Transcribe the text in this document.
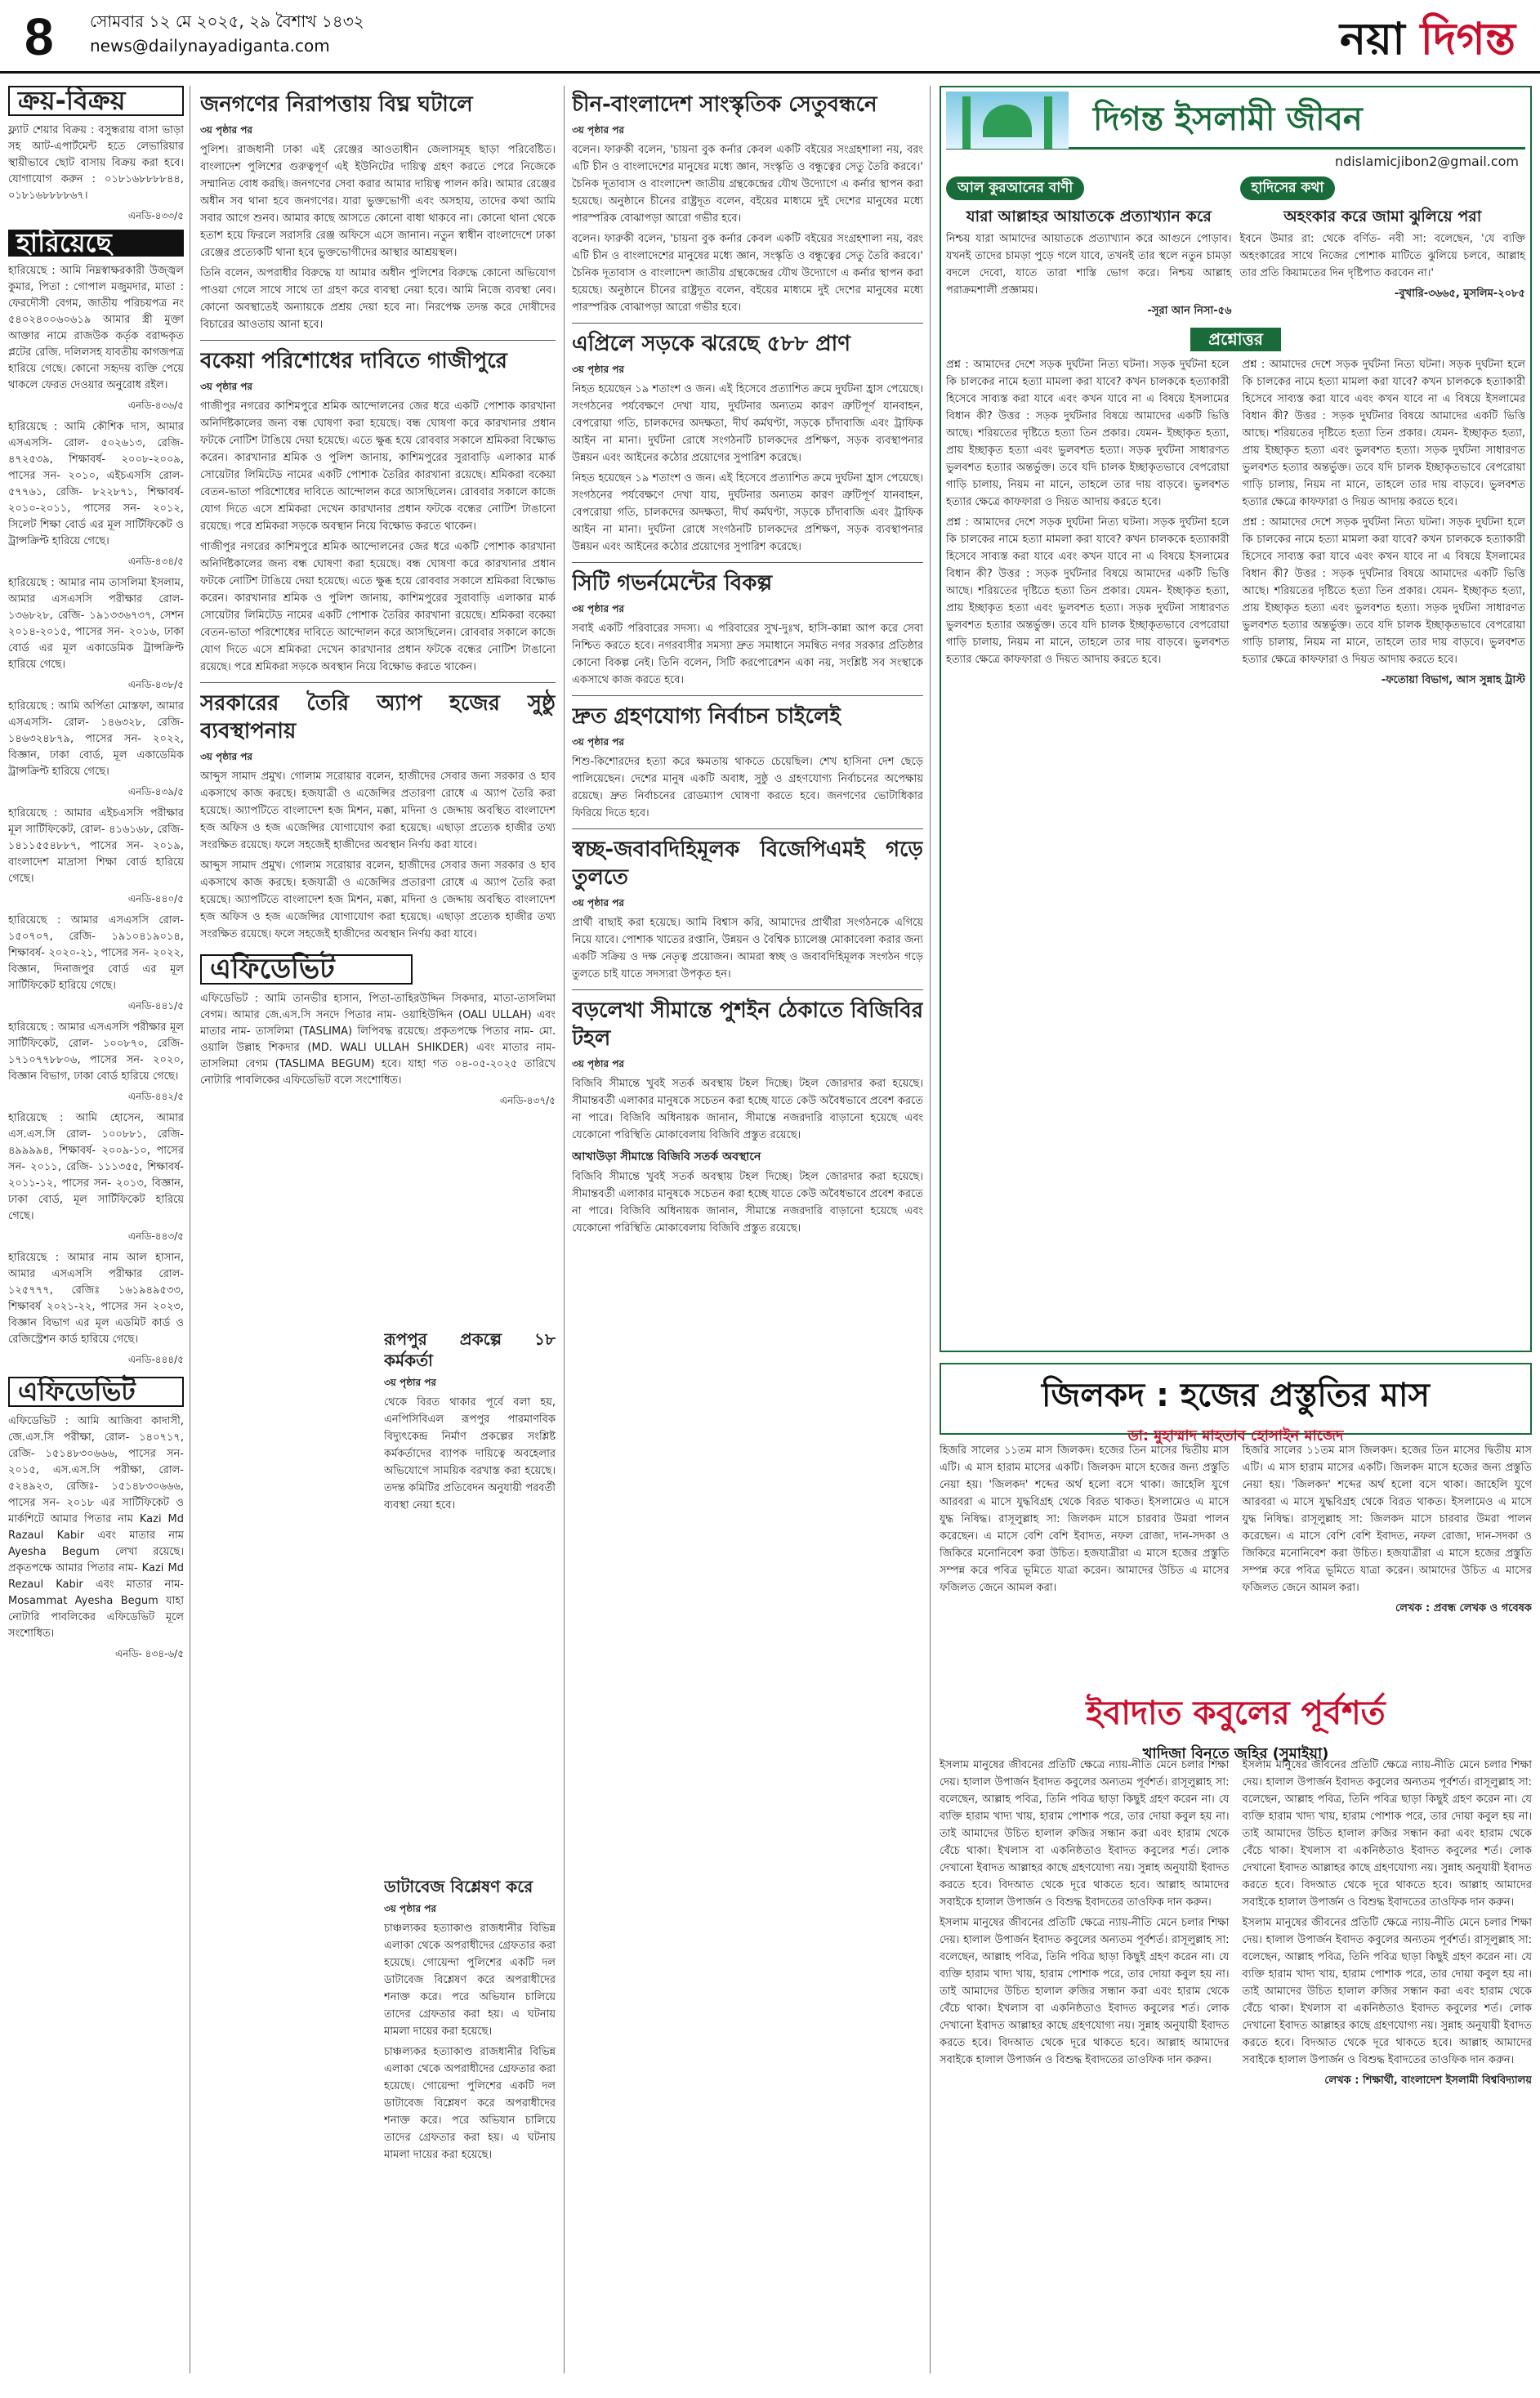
8 সোমবার ১২ মে ২০২৫, ২৯ বৈশাখ ১৪৩২
news@dailynayadiganta.com	নয়া দিগন্ত
ক্রয়-বিক্রয়
ফ্ল্যাট শেয়ার বিক্রয় : বসুন্ধরায় বাসা ভাড়া সহ আট-এপার্টমেন্ট হতে লেভারিয়ার স্থায়ীভাবে ছোট বাসায় বিক্রয় করা হবে। যোগাযোগ করুন : ০১৮১৬৮৮৮৮৪৪, ০১৮১৬৮৮৮৮৬৭।
এনডি-৪৩৩/৫
হারিয়েছে
হারিয়েছে : আমি নিম্নস্বাক্ষরকারী উজ্জ্বল কুমার, পিতা : গোপাল মজুমদার, মাতা : ফেরদৌসী বেগম, জাতীয় পরিচয়পত্র নং ৫৪০২৪০০৬০৬১৯ আমার স্ত্রী মুক্তা আক্তার নামে রাজউক কর্তৃক বরাদ্দকৃত প্লটের রেজি. দলিলসহ যাবতীয় কাগজপত্র হারিয়ে গেছে। কোনো সহৃদয় ব্যক্তি পেয়ে থাকলে ফেরত দেওয়ার অনুরোধ রইল।
এনডি-৪৩৬/৫
হারিয়েছে : আমি কৌশিক দাস, আমার এসএসসি- রোল- ৫০২৬১৩, রেজি- ৪৭২৫৩৯, শিক্ষাবর্ষ- ২০০৮-২০০৯, পাসের সন- ২০১০, এইচএসসি রোল- ৫৭৭৬১, রেজি- ৮২২৮৭১, শিক্ষাবর্ষ- ২০১০-২০১১, পাসের সন- ২০১২, সিলেট শিক্ষা বোর্ড এর মূল সার্টিফিকেট ও ট্রান্সক্রিপ্ট হারিয়ে গেছে।
এনডি-৪৩৪/৫
হারিয়েছে : আমার নাম তাসলিমা ইসলাম, আমার এসএসসি পরীক্ষার রোল- ১৩৬৮২৮, রেজি- ১৯১৩৩৬৭৩৭, সেশন ২০১৪-২০১৫, পাসের সন- ২০১৬, ঢাকা বোর্ড এর মূল একাডেমিক ট্রান্সক্রিপ্ট হারিয়ে গেছে।
এনডি-৪৩৮/৫
হারিয়েছে : আমি অর্পিতা মোস্তফা, আমার এসএসসি- রোল- ১৪৬৩২৮, রেজি- ১৪৬৩২৪৮৭৯, পাসের সন- ২০২২, বিজ্ঞান, ঢাকা বোর্ড, মূল একাডেমিক ট্রান্সক্রিপ্ট হারিয়ে গেছে।
এনডি-৪৩৯/৫
হারিয়েছে : আমার এইচএসসি পরীক্ষার মূল সার্টিফিকেট, রোল- ৪১৬১৬৮, রেজি- ১৪১১৫৫৪৮৮৭, পাসের সন- ২০১৯, বাংলাদেশ মাদ্রাসা শিক্ষা বোর্ড হারিয়ে গেছে।
এনডি-৪৪০/৫
হারিয়েছে : আমার এসএসসি রোল- ১৫০৭০৭, রেজি- ১৯১০৪১৯০১৪, শিক্ষাবর্ষ- ২০২০-২১, পাসের সন- ২০২২, বিজ্ঞান, দিনাজপুর বোর্ড এর মূল সার্টিফিকেট হারিয়ে গেছে।
এনডি-৪৪১/৫
হারিয়েছে : আমার এসএসসি পরীক্ষার মূল সার্টিফিকেট, রোল- ১০০৮৭০, রেজি- ১৭১০৭৭৮৮০৬, পাসের সন- ২০২০, বিজ্ঞান বিভাগ, ঢাকা বোর্ড হারিয়ে গেছে।
এনডি-৪৪২/৫
হারিয়েছে : আমি হোসেন, আমার এস.এস.সি রোল- ১০০৮৮১, রেজি- ৪৯৯৯৯৪, শিক্ষাবর্ষ- ২০০৯-১০, পাসের সন- ২০১১, রেজি- ১১১৩৫৫, শিক্ষাবর্ষ- ২০১১-১২, পাসের সন- ২০১৩, বিজ্ঞান, ঢাকা বোর্ড, মূল সার্টিফিকেট হারিয়ে গেছে।
এনডি-৪৪৩/৫
হারিয়েছে : আমার নাম আল হাসান, আমার এসএসসি পরীক্ষার রোল- ১২৫৭৭৭, রেজিঃ ১৬১৯৪৯৫৩৩, শিক্ষাবর্ষ ২০২১-২২, পাসের সন ২০২৩, বিজ্ঞান বিভাগ এর মূল এডমিট কার্ড ও রেজিস্ট্রেশন কার্ড হারিয়ে গেছে।
এনডি-৪৪৪/৫
এফিডেভিট
এফিডেভিট : আমি আজিবা কাদাসী, জে.এস.সি পরীক্ষা, রোল- ১৪০৭১৭, রেজি- ১৫১৪৮৩০৬৬৬, পাসের সন- ২০১৫, এস.এস.সি পরীক্ষা, রোল- ৫২৪৯২৩, রেজিঃ- ১৫১৪৮৩০৬৬৬, পাসের সন- ২০১৮ এর সার্টিফিকেট ও মার্কশিটে আমার পিতার নাম Kazi Md Razaul Kabir এবং মাতার নাম Ayesha Begum লেখা রয়েছে। প্রকৃতপক্ষে আমার পিতার নাম- Kazi Md Rezaul Kabir এবং মাতার নাম- Mosammat Ayesha Begum যাহা নোটারি পাবলিকের এফিডেভিট মূলে সংশোধিত।
এনডি- ৪৩৪-৬/৫
জনগণের নিরাপত্তায় বিঘ্ন ঘটালে
৩য় পৃষ্ঠার পর
পুলিশ। রাজধানী ঢাকা এই রেঞ্জের আওতাধীন জেলাসমূহ ছাড়া পরিবেষ্টিত। বাংলাদেশ পুলিশের গুরুত্বপূর্ণ এই ইউনিটের দায়িত্ব গ্রহণ করতে পেরে নিজেকে সম্মানিত বোধ করছি। জনগণের সেবা করার আমার দায়িত্ব পালন করি। আমার রেঞ্জের অধীন সব থানা হবে জনগণের। যারা ভুক্তভোগী এবং অসহায়, তাদের কথা আমি সবার আগে শুনব। আমার কাছে আসতে কোনো বাধা থাকবে না। কোনো থানা থেকে হতাশ হয়ে ফিরলে সরাসরি রেঞ্জ অফিসে এসে জানান। নতুন স্বাধীন বাংলাদেশে ঢাকা রেঞ্জের প্রত্যেকটি থানা হবে ভুক্তভোগীদের আস্থার আশ্রয়স্থল।
তিনি বলেন, অপরাধীর বিরুদ্ধে যা আমার অধীন পুলিশের বিরুদ্ধে কোনো অভিযোগ পাওয়া গেলে সাথে সাথে তা গ্রহণ করে ব্যবস্থা নেয়া হবে। আমি নিজে ব্যবস্থা নেব। কোনো অবস্থাতেই অন্যায়কে প্রশ্রয় দেয়া হবে না। নিরপেক্ষ তদন্ত করে দোষীদের বিচারের আওতায় আনা হবে।
বকেয়া পরিশোধের দাবিতে গাজীপুরে
৩য় পৃষ্ঠার পর
গাজীপুর নগরের কাশিমপুরে শ্রমিক আন্দোলনের জের ধরে একটি পোশাক কারখানা অনির্দিষ্টকালের জন্য বন্ধ ঘোষণা করা হয়েছে। বন্ধ ঘোষণা করে কারখানার প্রধান ফটকে নোটিশ টাঙিয়ে দেয়া হয়েছে। এতে ক্ষুব্ধ হয়ে রোববার সকালে শ্রমিকরা বিক্ষোভ করেন। কারখানার শ্রমিক ও পুলিশ জানায়, কাশিমপুরের সুরাবাড়ি এলাকার মার্ক সোয়েটার লিমিটেড নামের একটি পোশাক তৈরির কারখানা রয়েছে। শ্রমিকরা বকেয়া বেতন-ভাতা পরিশোধের দাবিতে আন্দোলন করে আসছিলেন। রোববার সকালে কাজে যোগ দিতে এসে শ্রমিকরা দেখেন কারখানার প্রধান ফটকে বন্ধের নোটিশ টাঙানো রয়েছে। পরে শ্রমিকরা সড়কে অবস্থান নিয়ে বিক্ষোভ করতে থাকেন।
গাজীপুর নগরের কাশিমপুরে শ্রমিক আন্দোলনের জের ধরে একটি পোশাক কারখানা অনির্দিষ্টকালের জন্য বন্ধ ঘোষণা করা হয়েছে। বন্ধ ঘোষণা করে কারখানার প্রধান ফটকে নোটিশ টাঙিয়ে দেয়া হয়েছে। এতে ক্ষুব্ধ হয়ে রোববার সকালে শ্রমিকরা বিক্ষোভ করেন। কারখানার শ্রমিক ও পুলিশ জানায়, কাশিমপুরের সুরাবাড়ি এলাকার মার্ক সোয়েটার লিমিটেড নামের একটি পোশাক তৈরির কারখানা রয়েছে। শ্রমিকরা বকেয়া বেতন-ভাতা পরিশোধের দাবিতে আন্দোলন করে আসছিলেন। রোববার সকালে কাজে যোগ দিতে এসে শ্রমিকরা দেখেন কারখানার প্রধান ফটকে বন্ধের নোটিশ টাঙানো রয়েছে। পরে শ্রমিকরা সড়কে অবস্থান নিয়ে বিক্ষোভ করতে থাকেন।
সরকারের তৈরি অ্যাপ হজের সুষ্ঠু ব্যবস্থাপনায়
৩য় পৃষ্ঠার পর
আব্দুস সামাদ প্রমুখ। গোলাম সরোয়ার বলেন, হাজীদের সেবার জন্য সরকার ও হাব একসাথে কাজ করছে। হজযাত্রী ও এজেন্সির প্রতারণা রোধে এ অ্যাপ তৈরি করা হয়েছে। অ্যাপটিতে বাংলাদেশ হজ মিশন, মক্কা, মদিনা ও জেদ্দায় অবস্থিত বাংলাদেশ হজ অফিস ও হজ এজেন্সির যোগাযোগ করা হয়েছে। এছাড়া প্রত্যেক হাজীর তথ্য সংরক্ষিত রয়েছে। ফলে সহজেই হাজীদের অবস্থান নির্ণয় করা যাবে।
আব্দুস সামাদ প্রমুখ। গোলাম সরোয়ার বলেন, হাজীদের সেবার জন্য সরকার ও হাব একসাথে কাজ করছে। হজযাত্রী ও এজেন্সির প্রতারণা রোধে এ অ্যাপ তৈরি করা হয়েছে। অ্যাপটিতে বাংলাদেশ হজ মিশন, মক্কা, মদিনা ও জেদ্দায় অবস্থিত বাংলাদেশ হজ অফিস ও হজ এজেন্সির যোগাযোগ করা হয়েছে। এছাড়া প্রত্যেক হাজীর তথ্য সংরক্ষিত রয়েছে। ফলে সহজেই হাজীদের অবস্থান নির্ণয় করা যাবে।
এফিডেভিট
এফিডেভিট : আমি তানভীর হাসান, পিতা-তাহিরউদ্দিন সিকদার, মাতা-তাসলিমা বেগম। আমার জে.এস.সি সনদে পিতার নাম- ওয়াহিউদ্দিন (OALI ULLAH) এবং মাতার নাম- তাসলিমা (TASLIMA) লিপিবদ্ধ রয়েছে। প্রকৃতপক্ষে পিতার নাম- মো. ওয়ালি উল্লাহ শিকদার (MD. WALI ULLAH SHIKDER) এবং মাতার নাম- তাসলিমা বেগম (TASLIMA BEGUM) হবে। যাহা গত ০৪-০৫-২০২৫ তারিখে নোটারি পাবলিকের এফিডেভিট বলে সংশোধিত।
এনডি-৪৩৭/৫
চীন-বাংলাদেশ সাংস্কৃতিক সেতুবন্ধনে
৩য় পৃষ্ঠার পর
বলেন। ফারুকী বলেন, 'চায়না বুক কর্নার কেবল একটি বইয়ের সংগ্রহশালা নয়, বরং এটি চীন ও বাংলাদেশের মানুষের মধ্যে জ্ঞান, সংস্কৃতি ও বন্ধুত্বের সেতু তৈরি করবে।' চৈনিক দূতাবাস ও বাংলাদেশ জাতীয় গ্রন্থকেন্দ্রের যৌথ উদ্যোগে এ কর্নার স্থাপন করা হয়েছে। অনুষ্ঠানে চীনের রাষ্ট্রদূত বলেন, বইয়ের মাধ্যমে দুই দেশের মানুষের মধ্যে পারস্পরিক বোঝাপড়া আরো গভীর হবে।
বলেন। ফারুকী বলেন, 'চায়না বুক কর্নার কেবল একটি বইয়ের সংগ্রহশালা নয়, বরং এটি চীন ও বাংলাদেশের মানুষের মধ্যে জ্ঞান, সংস্কৃতি ও বন্ধুত্বের সেতু তৈরি করবে।' চৈনিক দূতাবাস ও বাংলাদেশ জাতীয় গ্রন্থকেন্দ্রের যৌথ উদ্যোগে এ কর্নার স্থাপন করা হয়েছে। অনুষ্ঠানে চীনের রাষ্ট্রদূত বলেন, বইয়ের মাধ্যমে দুই দেশের মানুষের মধ্যে পারস্পরিক বোঝাপড়া আরো গভীর হবে।
এপ্রিলে সড়কে ঝরেছে ৫৮৮ প্রাণ
৩য় পৃষ্ঠার পর
নিহত হয়েছেন ১৯ শতাংশ ও জন। এই হিসেবে প্রত্যাশিত ক্রমে দুর্ঘটনা হ্রাস পেয়েছে। সংগঠনের পর্যবেক্ষণে দেখা যায়, দুর্ঘটনার অন্যতম কারণ ত্রুটিপূর্ণ যানবাহন, বেপরোয়া গতি, চালকদের অদক্ষতা, দীর্ঘ কর্মঘণ্টা, সড়কে চাঁদাবাজি এবং ট্রাফিক আইন না মানা। দুর্ঘটনা রোধে সংগঠনটি চালকদের প্রশিক্ষণ, সড়ক ব্যবস্থাপনার উন্নয়ন এবং আইনের কঠোর প্রয়োগের সুপারিশ করেছে।
নিহত হয়েছেন ১৯ শতাংশ ও জন। এই হিসেবে প্রত্যাশিত ক্রমে দুর্ঘটনা হ্রাস পেয়েছে। সংগঠনের পর্যবেক্ষণে দেখা যায়, দুর্ঘটনার অন্যতম কারণ ত্রুটিপূর্ণ যানবাহন, বেপরোয়া গতি, চালকদের অদক্ষতা, দীর্ঘ কর্মঘণ্টা, সড়কে চাঁদাবাজি এবং ট্রাফিক আইন না মানা। দুর্ঘটনা রোধে সংগঠনটি চালকদের প্রশিক্ষণ, সড়ক ব্যবস্থাপনার উন্নয়ন এবং আইনের কঠোর প্রয়োগের সুপারিশ করেছে।
সিটি গভর্নমেন্টের বিকল্প
৩য় পৃষ্ঠার পর
সবাই একটি পরিবারের সদস্য। এ পরিবারের সুখ-দুঃখ, হাসি-কান্না আপ করে সেবা নিশ্চিত করতে হবে। নগরবাসীর সমস্যা দ্রুত সমাধানে সমন্বিত নগর সরকার প্রতিষ্ঠার কোনো বিকল্প নেই। তিনি বলেন, সিটি করপোরেশন একা নয়, সংশ্লিষ্ট সব সংস্থাকে একসাথে কাজ করতে হবে।
দ্রুত গ্রহণযোগ্য নির্বাচন চাইলেই
৩য় পৃষ্ঠার পর
শিশু-কিশোরদের হত্যা করে ক্ষমতায় থাকতে চেয়েছিল। শেখ হাসিনা দেশ ছেড়ে পালিয়েছেন। দেশের মানুষ একটি অবাধ, সুষ্ঠু ও গ্রহণযোগ্য নির্বাচনের অপেক্ষায় রয়েছে। দ্রুত নির্বাচনের রোডম্যাপ ঘোষণা করতে হবে। জনগণের ভোটাধিকার ফিরিয়ে দিতে হবে।
স্বচ্ছ-জবাবদিহিমূলক বিজেপিএমই গড়ে তুলতে
৩য় পৃষ্ঠার পর
প্রার্থী বাছাই করা হয়েছে। আমি বিশ্বাস করি, আমাদের প্রার্থীরা সংগঠনকে এগিয়ে নিয়ে যাবে। পোশাক খাতের রপ্তানি, উন্নয়ন ও বৈশ্বিক চ্যালেঞ্জ মোকাবেলা করার জন্য একটি সক্রিয় ও দক্ষ নেতৃত্ব প্রয়োজন। আমরা স্বচ্ছ ও জবাবদিহিমূলক সংগঠন গড়ে তুলতে চাই যাতে সদস্যরা উপকৃত হন।
বড়লেখা সীমান্তে পুশইন ঠেকাতে বিজিবির টহল
৩য় পৃষ্ঠার পর
বিজিবি সীমান্তে খুবই সতর্ক অবস্থায় টহল দিচ্ছে। টহল জোরদার করা হয়েছে। সীমান্তবর্তী এলাকার মানুষকে সচেতন করা হচ্ছে যাতে কেউ অবৈধভাবে প্রবেশ করতে না পারে। বিজিবি অধিনায়ক জানান, সীমান্তে নজরদারি বাড়ানো হয়েছে এবং যেকোনো পরিস্থিতি মোকাবেলায় বিজিবি প্রস্তুত রয়েছে।
আখাউড়া সীমান্তে বিজিবি সতর্ক অবস্থানে
বিজিবি সীমান্তে খুবই সতর্ক অবস্থায় টহল দিচ্ছে। টহল জোরদার করা হয়েছে। সীমান্তবর্তী এলাকার মানুষকে সচেতন করা হচ্ছে যাতে কেউ অবৈধভাবে প্রবেশ করতে না পারে। বিজিবি অধিনায়ক জানান, সীমান্তে নজরদারি বাড়ানো হয়েছে এবং যেকোনো পরিস্থিতি মোকাবেলায় বিজিবি প্রস্তুত রয়েছে।
রূপপুর প্রকল্পে ১৮ কর্মকর্তা
৩য় পৃষ্ঠার পর
থেকে বিরত থাকার পূর্বে বলা হয়, এনপিসিবিএল রূপপুর পারমাণবিক বিদ্যুৎকেন্দ্র নির্মাণ প্রকল্পের সংশ্লিষ্ট কর্মকর্তাদের ব্যাপক দায়িত্বে অবহেলার অভিযোগে সাময়িক বরখাস্ত করা হয়েছে। তদন্ত কমিটির প্রতিবেদন অনুযায়ী পরবর্তী ব্যবস্থা নেয়া হবে।
ডাটাবেজ বিশ্লেষণ করে
৩য় পৃষ্ঠার পর
চাঞ্চল্যকর হত্যাকাণ্ড রাজধানীর বিভিন্ন এলাকা থেকে অপরাধীদের গ্রেফতার করা হয়েছে। গোয়েন্দা পুলিশের একটি দল ডাটাবেজ বিশ্লেষণ করে অপরাধীদের শনাক্ত করে। পরে অভিযান চালিয়ে তাদের গ্রেফতার করা হয়। এ ঘটনায় মামলা দায়ের করা হয়েছে।
চাঞ্চল্যকর হত্যাকাণ্ড রাজধানীর বিভিন্ন এলাকা থেকে অপরাধীদের গ্রেফতার করা হয়েছে। গোয়েন্দা পুলিশের একটি দল ডাটাবেজ বিশ্লেষণ করে অপরাধীদের শনাক্ত করে। পরে অভিযান চালিয়ে তাদের গ্রেফতার করা হয়। এ ঘটনায় মামলা দায়ের করা হয়েছে।
দিগন্ত ইসলামী জীবন
ndislamicjibon2@gmail.com
আল কুরআনের বাণী
যারা আল্লাহর আয়াতকে প্রত্যাখ্যান করে
নিশ্চয় যারা আমাদের আয়াতকে প্রত্যাখ্যান করে আগুনে পোড়াব। যখনই তাদের চামড়া পুড়ে গলে যাবে, তখনই তার স্থলে নতুন চামড়া বদলে দেবো, যাতে তারা শাস্তি ভোগ করে। নিশ্চয় আল্লাহ পরাক্রমশালী প্রজ্ঞাময়।
-সূরা আন নিসা-৫৬
হাদিসের কথা
অহংকার করে জামা ঝুলিয়ে পরা
ইবনে উমার রা: থেকে বর্ণিত- নবী সা: বলেছেন, 'যে ব্যক্তি অহংকারের সাথে নিজের পোশাক মাটিতে ঝুলিয়ে চলবে, আল্লাহ তার প্রতি কিয়ামতের দিন দৃষ্টিপাত করবেন না।'
-বুখারি-৩৬৬৫, মুসলিম-২০৮৫
প্রশ্নোত্তর
প্রশ্ন : আমাদের দেশে সড়ক দুর্ঘটনা নিত্য ঘটনা। সড়ক দুর্ঘটনা হলে কি চালকের নামে হত্যা মামলা করা যাবে? কখন চালককে হত্যাকারী হিসেবে সাব্যস্ত করা যাবে এবং কখন যাবে না এ বিষয়ে ইসলামের বিধান কী? উত্তর : সড়ক দুর্ঘটনার বিষয়ে আমাদের একটি ভিত্তি আছে। শরিয়তের দৃষ্টিতে হত্যা তিন প্রকার। যেমন- ইচ্ছাকৃত হত্যা, প্রায় ইচ্ছাকৃত হত্যা এবং ভুলবশত হত্যা। সড়ক দুর্ঘটনা সাধারণত ভুলবশত হত্যার অন্তর্ভুক্ত। তবে যদি চালক ইচ্ছাকৃতভাবে বেপরোয়া গাড়ি চালায়, নিয়ম না মানে, তাহলে তার দায় বাড়বে। ভুলবশত হত্যার ক্ষেত্রে কাফফারা ও দিয়ত আদায় করতে হবে।
প্রশ্ন : আমাদের দেশে সড়ক দুর্ঘটনা নিত্য ঘটনা। সড়ক দুর্ঘটনা হলে কি চালকের নামে হত্যা মামলা করা যাবে? কখন চালককে হত্যাকারী হিসেবে সাব্যস্ত করা যাবে এবং কখন যাবে না এ বিষয়ে ইসলামের বিধান কী? উত্তর : সড়ক দুর্ঘটনার বিষয়ে আমাদের একটি ভিত্তি আছে। শরিয়তের দৃষ্টিতে হত্যা তিন প্রকার। যেমন- ইচ্ছাকৃত হত্যা, প্রায় ইচ্ছাকৃত হত্যা এবং ভুলবশত হত্যা। সড়ক দুর্ঘটনা সাধারণত ভুলবশত হত্যার অন্তর্ভুক্ত। তবে যদি চালক ইচ্ছাকৃতভাবে বেপরোয়া গাড়ি চালায়, নিয়ম না মানে, তাহলে তার দায় বাড়বে। ভুলবশত হত্যার ক্ষেত্রে কাফফারা ও দিয়ত আদায় করতে হবে।
প্রশ্ন : আমাদের দেশে সড়ক দুর্ঘটনা নিত্য ঘটনা। সড়ক দুর্ঘটনা হলে কি চালকের নামে হত্যা মামলা করা যাবে? কখন চালককে হত্যাকারী হিসেবে সাব্যস্ত করা যাবে এবং কখন যাবে না এ বিষয়ে ইসলামের বিধান কী? উত্তর : সড়ক দুর্ঘটনার বিষয়ে আমাদের একটি ভিত্তি আছে। শরিয়তের দৃষ্টিতে হত্যা তিন প্রকার। যেমন- ইচ্ছাকৃত হত্যা, প্রায় ইচ্ছাকৃত হত্যা এবং ভুলবশত হত্যা। সড়ক দুর্ঘটনা সাধারণত ভুলবশত হত্যার অন্তর্ভুক্ত। তবে যদি চালক ইচ্ছাকৃতভাবে বেপরোয়া গাড়ি চালায়, নিয়ম না মানে, তাহলে তার দায় বাড়বে। ভুলবশত হত্যার ক্ষেত্রে কাফফারা ও দিয়ত আদায় করতে হবে।
প্রশ্ন : আমাদের দেশে সড়ক দুর্ঘটনা নিত্য ঘটনা। সড়ক দুর্ঘটনা হলে কি চালকের নামে হত্যা মামলা করা যাবে? কখন চালককে হত্যাকারী হিসেবে সাব্যস্ত করা যাবে এবং কখন যাবে না এ বিষয়ে ইসলামের বিধান কী? উত্তর : সড়ক দুর্ঘটনার বিষয়ে আমাদের একটি ভিত্তি আছে। শরিয়তের দৃষ্টিতে হত্যা তিন প্রকার। যেমন- ইচ্ছাকৃত হত্যা, প্রায় ইচ্ছাকৃত হত্যা এবং ভুলবশত হত্যা। সড়ক দুর্ঘটনা সাধারণত ভুলবশত হত্যার অন্তর্ভুক্ত। তবে যদি চালক ইচ্ছাকৃতভাবে বেপরোয়া গাড়ি চালায়, নিয়ম না মানে, তাহলে তার দায় বাড়বে। ভুলবশত হত্যার ক্ষেত্রে কাফফারা ও দিয়ত আদায় করতে হবে।
-ফতোয়া বিভাগ, আস সুন্নাহ ট্রাস্ট
জিলকদ : হজের প্রস্তুতির মাস
ডা: মুহাম্মাদ মাহতাব হোসাইন মাজেদ
হিজরি সালের ১১তম মাস জিলকদ। হজের তিন মাসের দ্বিতীয় মাস এটি। এ মাস হারাম মাসের একটি। জিলকদ মাসে হজের জন্য প্রস্তুতি নেয়া হয়। 'জিলকদ' শব্দের অর্থ হলো বসে থাকা। জাহেলি যুগে আরবরা এ মাসে যুদ্ধবিগ্রহ থেকে বিরত থাকত। ইসলামেও এ মাসে যুদ্ধ নিষিদ্ধ। রাসূলুল্লাহ সা: জিলকদ মাসে চারবার উমরা পালন করেছেন। এ মাসে বেশি বেশি ইবাদত, নফল রোজা, দান-সদকা ও জিকিরে মনোনিবেশ করা উচিত। হজযাত্রীরা এ মাসে হজের প্রস্তুতি সম্পন্ন করে পবিত্র ভূমিতে যাত্রা করেন। আমাদের উচিত এ মাসের ফজিলত জেনে আমল করা।
হিজরি সালের ১১তম মাস জিলকদ। হজের তিন মাসের দ্বিতীয় মাস এটি। এ মাস হারাম মাসের একটি। জিলকদ মাসে হজের জন্য প্রস্তুতি নেয়া হয়। 'জিলকদ' শব্দের অর্থ হলো বসে থাকা। জাহেলি যুগে আরবরা এ মাসে যুদ্ধবিগ্রহ থেকে বিরত থাকত। ইসলামেও এ মাসে যুদ্ধ নিষিদ্ধ। রাসূলুল্লাহ সা: জিলকদ মাসে চারবার উমরা পালন করেছেন। এ মাসে বেশি বেশি ইবাদত, নফল রোজা, দান-সদকা ও জিকিরে মনোনিবেশ করা উচিত। হজযাত্রীরা এ মাসে হজের প্রস্তুতি সম্পন্ন করে পবিত্র ভূমিতে যাত্রা করেন। আমাদের উচিত এ মাসের ফজিলত জেনে আমল করা।
লেখক : প্রবন্ধ লেখক ও গবেষক
ইবাদাত কবুলের পূর্বশর্ত
খাদিজা বিনতে জহির (সুমাইয়া)
ইসলাম মানুষের জীবনের প্রতিটি ক্ষেত্রে ন্যায়-নীতি মেনে চলার শিক্ষা দেয়। হালাল উপার্জন ইবাদত কবুলের অন্যতম পূর্বশর্ত। রাসূলুল্লাহ সা: বলেছেন, আল্লাহ পবিত্র, তিনি পবিত্র ছাড়া কিছুই গ্রহণ করেন না। যে ব্যক্তি হারাম খাদ্য খায়, হারাম পোশাক পরে, তার দোয়া কবুল হয় না। তাই আমাদের উচিত হালাল রুজির সন্ধান করা এবং হারাম থেকে বেঁচে থাকা। ইখলাস বা একনিষ্ঠতাও ইবাদত কবুলের শর্ত। লোক দেখানো ইবাদত আল্লাহর কাছে গ্রহণযোগ্য নয়। সুন্নাহ অনুযায়ী ইবাদত করতে হবে। বিদআত থেকে দূরে থাকতে হবে। আল্লাহ আমাদের সবাইকে হালাল উপার্জন ও বিশুদ্ধ ইবাদতের তাওফিক দান করুন।
ইসলাম মানুষের জীবনের প্রতিটি ক্ষেত্রে ন্যায়-নীতি মেনে চলার শিক্ষা দেয়। হালাল উপার্জন ইবাদত কবুলের অন্যতম পূর্বশর্ত। রাসূলুল্লাহ সা: বলেছেন, আল্লাহ পবিত্র, তিনি পবিত্র ছাড়া কিছুই গ্রহণ করেন না। যে ব্যক্তি হারাম খাদ্য খায়, হারাম পোশাক পরে, তার দোয়া কবুল হয় না। তাই আমাদের উচিত হালাল রুজির সন্ধান করা এবং হারাম থেকে বেঁচে থাকা। ইখলাস বা একনিষ্ঠতাও ইবাদত কবুলের শর্ত। লোক দেখানো ইবাদত আল্লাহর কাছে গ্রহণযোগ্য নয়। সুন্নাহ অনুযায়ী ইবাদত করতে হবে। বিদআত থেকে দূরে থাকতে হবে। আল্লাহ আমাদের সবাইকে হালাল উপার্জন ও বিশুদ্ধ ইবাদতের তাওফিক দান করুন।
ইসলাম মানুষের জীবনের প্রতিটি ক্ষেত্রে ন্যায়-নীতি মেনে চলার শিক্ষা দেয়। হালাল উপার্জন ইবাদত কবুলের অন্যতম পূর্বশর্ত। রাসূলুল্লাহ সা: বলেছেন, আল্লাহ পবিত্র, তিনি পবিত্র ছাড়া কিছুই গ্রহণ করেন না। যে ব্যক্তি হারাম খাদ্য খায়, হারাম পোশাক পরে, তার দোয়া কবুল হয় না। তাই আমাদের উচিত হালাল রুজির সন্ধান করা এবং হারাম থেকে বেঁচে থাকা। ইখলাস বা একনিষ্ঠতাও ইবাদত কবুলের শর্ত। লোক দেখানো ইবাদত আল্লাহর কাছে গ্রহণযোগ্য নয়। সুন্নাহ অনুযায়ী ইবাদত করতে হবে। বিদআত থেকে দূরে থাকতে হবে। আল্লাহ আমাদের সবাইকে হালাল উপার্জন ও বিশুদ্ধ ইবাদতের তাওফিক দান করুন।
ইসলাম মানুষের জীবনের প্রতিটি ক্ষেত্রে ন্যায়-নীতি মেনে চলার শিক্ষা দেয়। হালাল উপার্জন ইবাদত কবুলের অন্যতম পূর্বশর্ত। রাসূলুল্লাহ সা: বলেছেন, আল্লাহ পবিত্র, তিনি পবিত্র ছাড়া কিছুই গ্রহণ করেন না। যে ব্যক্তি হারাম খাদ্য খায়, হারাম পোশাক পরে, তার দোয়া কবুল হয় না। তাই আমাদের উচিত হালাল রুজির সন্ধান করা এবং হারাম থেকে বেঁচে থাকা। ইখলাস বা একনিষ্ঠতাও ইবাদত কবুলের শর্ত। লোক দেখানো ইবাদত আল্লাহর কাছে গ্রহণযোগ্য নয়। সুন্নাহ অনুযায়ী ইবাদত করতে হবে। বিদআত থেকে দূরে থাকতে হবে। আল্লাহ আমাদের সবাইকে হালাল উপার্জন ও বিশুদ্ধ ইবাদতের তাওফিক দান করুন।
লেখক : শিক্ষার্থী, বাংলাদেশ ইসলামী বিশ্ববিদ্যালয়
